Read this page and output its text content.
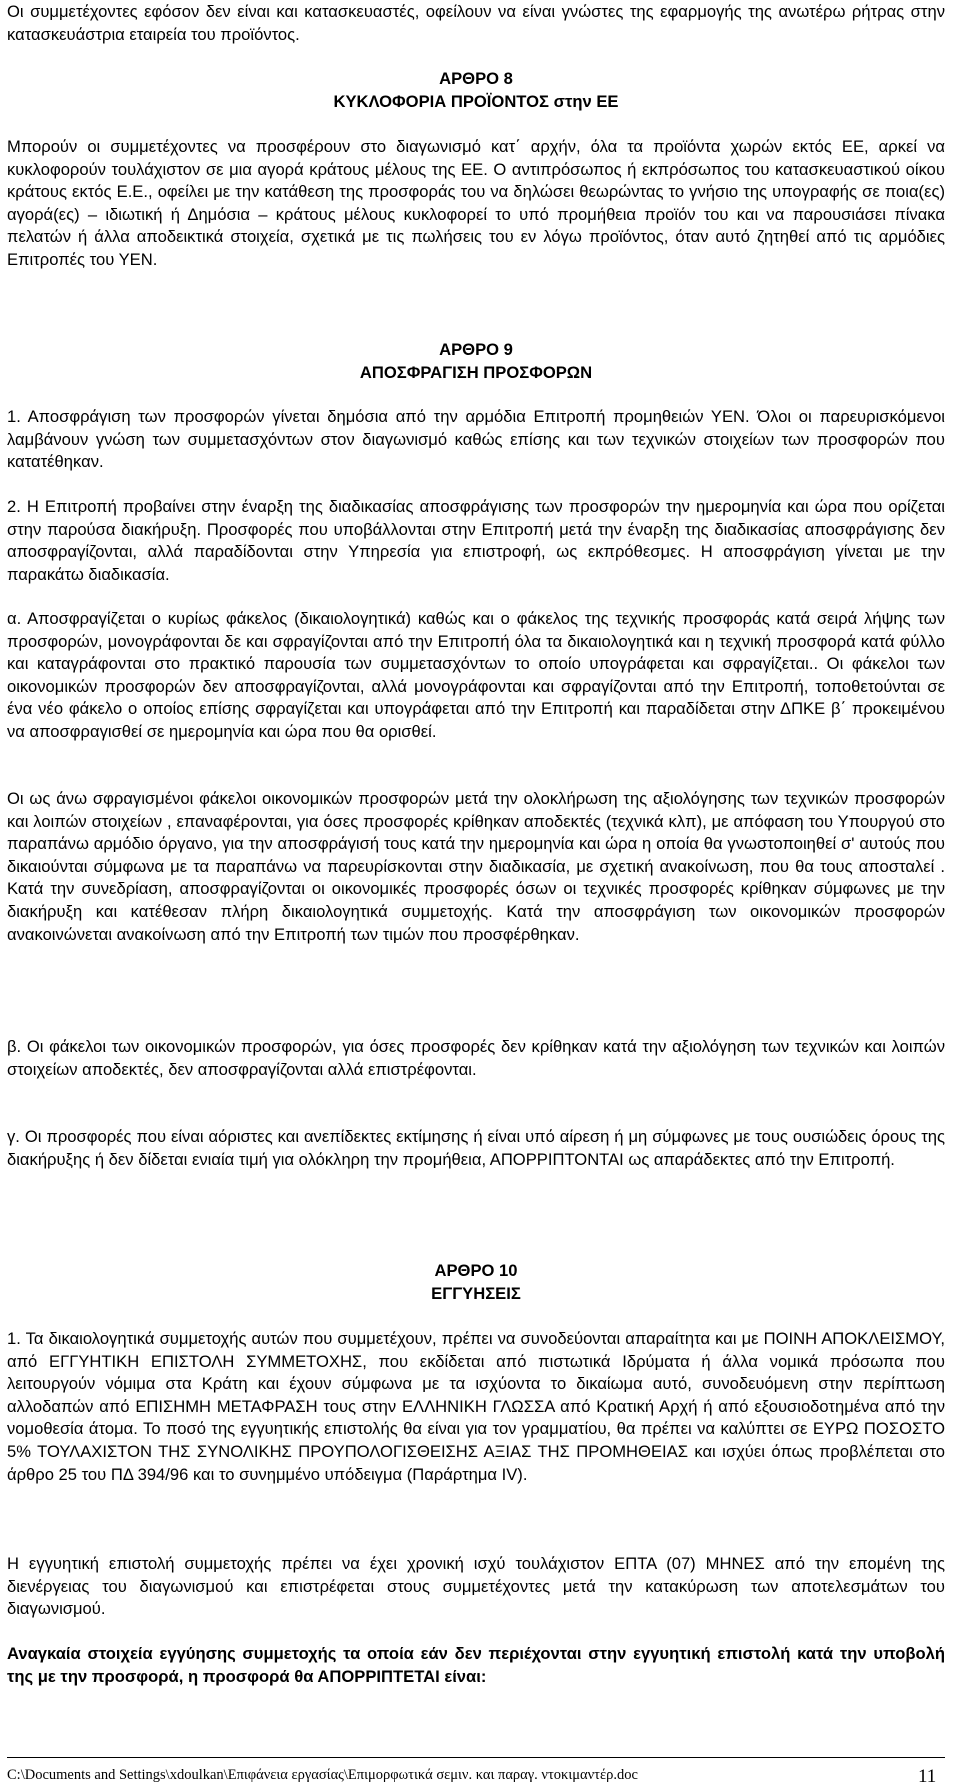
Οι συμμετέχοντες εφόσον δεν είναι και κατασκευαστές, οφείλουν να είναι γνώστες της εφαρμογής της ανωτέρω ρήτρας στην κατασκευάστρια εταιρεία του προϊόντος.

ΑΡΘΡΟ 8

ΚΥΚΛΟΦΟΡΙΑ ΠΡΟΪΟΝΤΟΣ στην ΕΕ

Μπορούν οι συμμετέχοντες να προσφέρουν στο διαγωνισμό κατ΄ αρχήν, όλα τα προϊόντα χωρών εκτός ΕΕ, αρκεί να κυκλοφορούν τουλάχιστον σε μια αγορά κράτους μέλους της ΕΕ. Ο αντιπρόσωπος ή εκπρόσωπος του κατασκευαστικού οίκου κράτους εκτός Ε.Ε., οφείλει με την κατάθεση της προσφοράς του να δηλώσει θεωρώντας το γνήσιο της υπογραφής σε ποια(ες) αγορά(ες) – ιδιωτική ή Δημόσια – κράτους μέλους κυκλοφορεί το υπό προμήθεια προϊόν του και να παρουσιάσει πίνακα πελατών ή άλλα αποδεικτικά στοιχεία, σχετικά με τις πωλήσεις του εν λόγω προϊόντος, όταν αυτό ζητηθεί από τις αρμόδιες Επιτροπές του ΥΕΝ.

ΑΡΘΡΟ 9

ΑΠΟΣΦΡΑΓΙΣΗ ΠΡΟΣΦΟΡΩΝ

1. Αποσφράγιση των προσφορών γίνεται δημόσια από την αρμόδια Επιτροπή προμηθειών ΥΕΝ. Όλοι οι παρευρισκόμενοι λαμβάνουν γνώση των συμμετασχόντων στον διαγωνισμό καθώς επίσης και των τεχνικών στοιχείων των προσφορών που κατατέθηκαν.

2. Η Επιτροπή προβαίνει στην έναρξη της διαδικασίας αποσφράγισης των προσφορών την ημερομηνία και ώρα που ορίζεται στην παρούσα διακήρυξη. Προσφορές που υποβάλλονται στην Επιτροπή μετά την έναρξη της διαδικασίας αποσφράγισης δεν αποσφραγίζονται, αλλά παραδίδονται στην Υπηρεσία για επιστροφή, ως εκπρόθεσμες. Η αποσφράγιση γίνεται με την παρακάτω διαδικασία.

α. Αποσφραγίζεται ο κυρίως φάκελος (δικαιολογητικά) καθώς και ο φάκελος της τεχνικής προσφοράς κατά σειρά λήψης των προσφορών, μονογράφονται δε και σφραγίζονται από την Επιτροπή όλα τα δικαιολογητικά και η τεχνική προσφορά κατά φύλλο και καταγράφονται στο πρακτικό παρουσία των συμμετασχόντων το οποίο υπογράφεται και σφραγίζεται.. Οι φάκελοι των οικονομικών προσφορών δεν αποσφραγίζονται, αλλά μονογράφονται και σφραγίζονται από την Επιτροπή, τοποθετούνται σε ένα νέο φάκελο ο οποίος επίσης σφραγίζεται και υπογράφεται από την Επιτροπή και παραδίδεται στην ΔΠΚΕ β΄ προκειμένου να αποσφραγισθεί σε ημερομηνία και ώρα που θα ορισθεί.

Οι ως άνω σφραγισμένοι φάκελοι οικονομικών προσφορών μετά την ολοκλήρωση της αξιολόγησης των τεχνικών προσφορών και λοιπών στοιχείων , επαναφέρονται, για όσες προσφορές κρίθηκαν αποδεκτές (τεχνικά κλπ), με απόφαση του Υπουργού στο παραπάνω αρμόδιο όργανο, για την αποσφράγισή τους κατά την ημερομηνία και ώρα η οποία θα γνωστοποιηθεί σ' αυτούς που δικαιούνται σύμφωνα με τα παραπάνω να παρευρίσκονται στην διαδικασία, με σχετική ανακοίνωση, που θα τους αποσταλεί . Κατά την συνεδρίαση, αποσφραγίζονται οι οικονομικές προσφορές όσων οι τεχνικές προσφορές κρίθηκαν σύμφωνες με την διακήρυξη και κατέθεσαν πλήρη δικαιολογητικά συμμετοχής. Κατά την αποσφράγιση των οικονομικών προσφορών ανακοινώνεται ανακοίνωση από την Επιτροπή των τιμών που προσφέρθηκαν.

β. Οι φάκελοι των οικονομικών προσφορών, για όσες προσφορές δεν κρίθηκαν κατά την αξιολόγηση των τεχνικών και λοιπών στοιχείων αποδεκτές, δεν αποσφραγίζονται αλλά επιστρέφονται.

γ. Οι προσφορές που είναι αόριστες και ανεπίδεκτες εκτίμησης ή είναι υπό αίρεση ή μη σύμφωνες με τους ουσιώδεις όρους της διακήρυξης ή δεν δίδεται ενιαία τιμή για ολόκληρη την προμήθεια, ΑΠΟΡΡΙΠΤΟΝΤΑΙ ως απαράδεκτες από την Επιτροπή.

ΑΡΘΡΟ 10

ΕΓΓΥΗΣΕΙΣ

1. Τα δικαιολογητικά συμμετοχής αυτών που συμμετέχουν, πρέπει να συνοδεύονται απαραίτητα και με ΠΟΙΝΗ ΑΠΟΚΛΕΙΣΜΟΥ, από ΕΓΓΥΗΤΙΚΗ ΕΠΙΣΤΟΛΗ ΣΥΜΜΕΤΟΧΗΣ, που εκδίδεται από πιστωτικά Ιδρύματα ή άλλα νομικά πρόσωπα που λειτουργούν νόμιμα στα Κράτη και έχουν σύμφωνα με τα ισχύοντα το δικαίωμα αυτό, συνοδευόμενη στην περίπτωση αλλοδαπών από ΕΠΙΣΗΜΗ ΜΕΤΑΦΡΑΣΗ τους στην ΕΛΛΗΝΙΚΗ ΓΛΩΣΣΑ από Κρατική Αρχή ή από εξουσιοδοτημένα από την νομοθεσία άτομα. Το ποσό της εγγυητικής επιστολής θα είναι για τον γραμματίου, θα πρέπει να καλύπτει σε ΕΥΡΩ ΠΟΣΟΣΤΟ 5% ΤΟΥΛΑΧΙΣΤΟΝ ΤΗΣ ΣΥΝΟΛΙΚΗΣ ΠΡΟΥΠΟΛΟΓΙΣΘΕΙΣΗΣ ΑΞΙΑΣ ΤΗΣ ΠΡΟΜΗΘΕΙΑΣ και ισχύει όπως προβλέπεται στο άρθρο 25 του ΠΔ 394/96 και το συνημμένο υπόδειγμα (Παράρτημα IV).

Η εγγυητική επιστολή συμμετοχής πρέπει να έχει χρονική ισχύ τουλάχιστον ΕΠΤΑ (07) ΜΗΝΕΣ από την επομένη της διενέργειας του διαγωνισμού και επιστρέφεται στους συμμετέχοντες μετά την κατακύρωση των αποτελεσμάτων του διαγωνισμού.

Αναγκαία στοιχεία εγγύησης συμμετοχής τα οποία εάν δεν περιέχονται στην εγγυητική επιστολή κατά την υποβολή της με την προσφορά, η προσφορά θα ΑΠΟΡΡΙΠΤΕΤΑΙ είναι:

C:\Documents and Settings\xdoulkan\Επιφάνεια εργασίας\Επιμορφωτικά σεμιν. και παραγ. ντοκιμαντέρ.doc	11
